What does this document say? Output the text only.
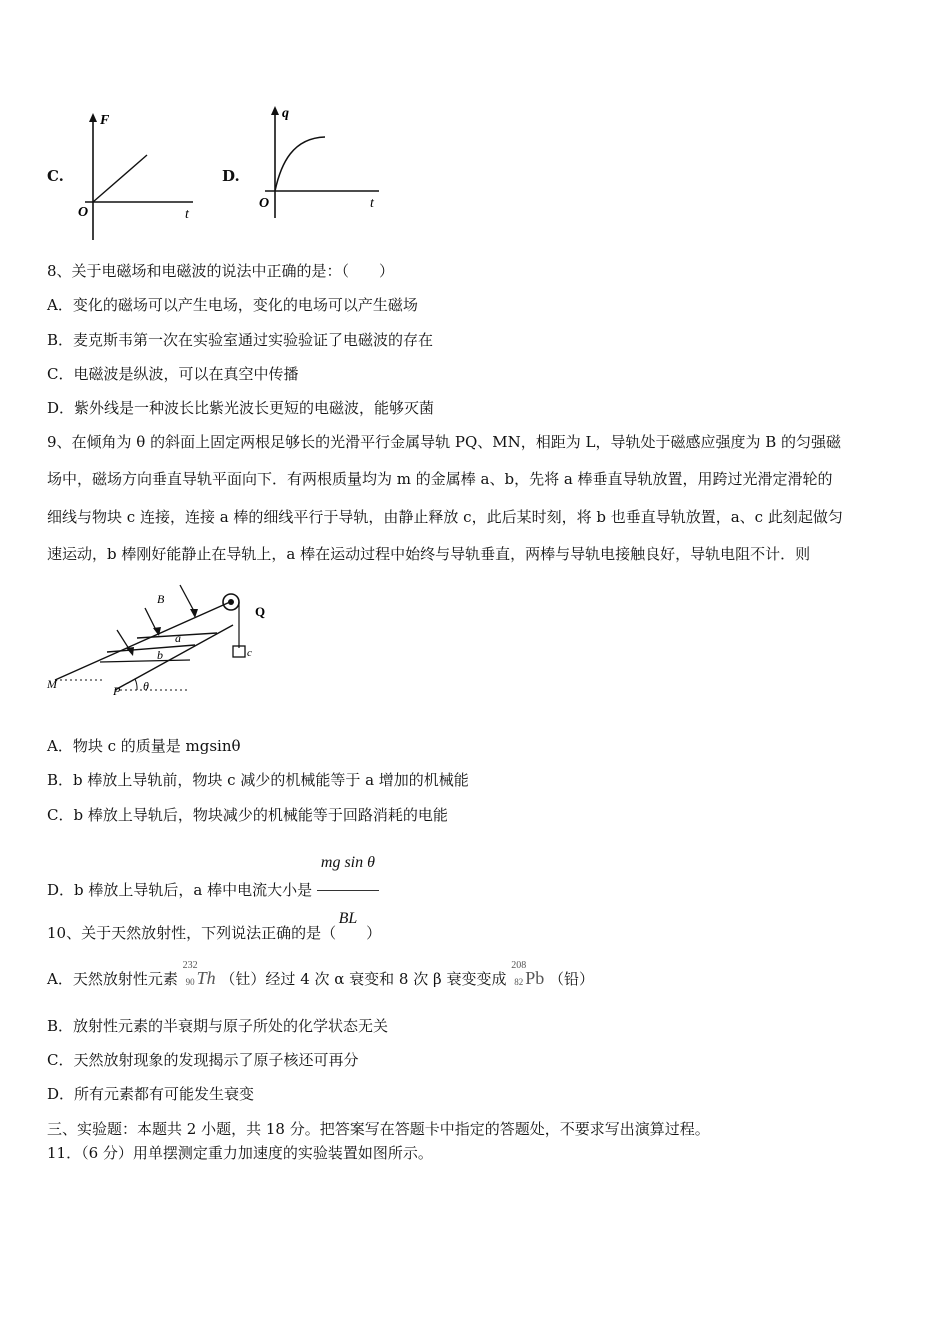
C.
F
t
O
D.
q
t
O
8、关于电磁场和电磁波的说法中正确的是：（　　）
A．变化的磁场可以产生电场，变化的电场可以产生磁场
B．麦克斯韦第一次在实验室通过实验验证了电磁波的存在
C．电磁波是纵波，可以在真空中传播
D．紫外线是一种波长比紫光波长更短的电磁波，能够灭菌
9、在倾角为 θ 的斜面上固定两根足够长的光滑平行金属导轨 PQ、MN，相距为 L，导轨处于磁感应强度为 B 的匀强磁
场中，磁场方向垂直导轨平面向下．有两根质量均为 m 的金属棒 a、b，先将 a 棒垂直导轨放置，用跨过光滑定滑轮的
细线与物块 c 连接，连接 a 棒的细线平行于导轨，由静止释放 c，此后某时刻，将 b 也垂直导轨放置，a、c 此刻起做匀
速运动，b 棒刚好能静止在导轨上，a 棒在运动过程中始终与导轨垂直，两棒与导轨电接触良好，导轨电阻不计．则
B
a
b	c
Q
M	P θ
A．物块 c 的质量是 mgsinθ
B．b 棒放上导轨前，物块 c 减少的机械能等于 a 增加的机械能
C．b 棒放上导轨后，物块减少的机械能等于回路消耗的电能
D．b 棒放上导轨后，a 棒中电流大小是 $\frac{\text{mg sin θ}}{BL}$
10、关于天然放射性，下列说法正确的是（　　）
A．天然放射性元素
232
90 Th （钍）经过 4 次 α 衰变和 8 次 β 衰变变成
208
82 Pb （铅）
B．放射性元素的半衰期与原子所处的化学状态无关
C．天然放射现象的发现揭示了原子核还可再分
D．所有元素都有可能发生衰变
三、实验题：本题共 2 小题，共 18 分。把答案写在答题卡中指定的答题处，不要求写出演算过程。
11．（6 分）用单摆测定重力加速度的实验装置如图所示。
